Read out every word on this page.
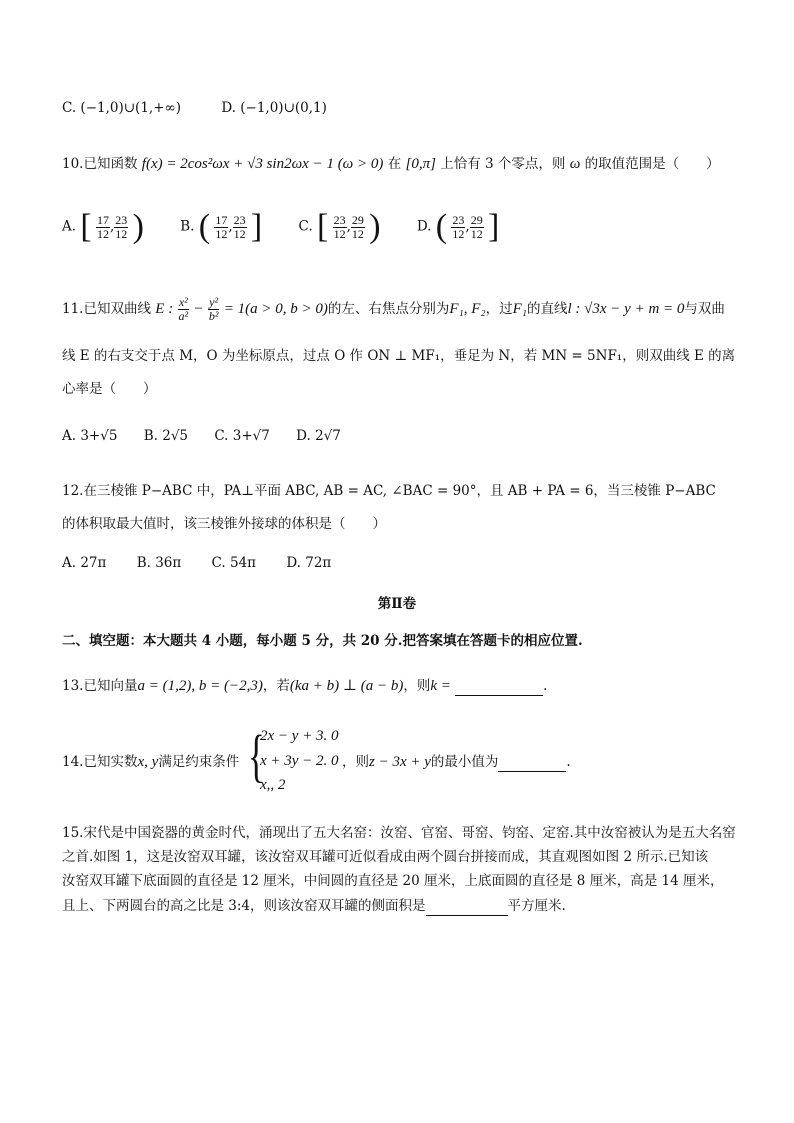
C. (−1,0)∪(1,+∞)	D. (−1,0)∪(0,1)
10.已知函数 f(x) = 2cos²ωx + √3 sin2ωx − 1 (ω > 0) 在 [0,π] 上恰有 3 个零点，则 ω 的取值范围是（　　）
A. [ $\frac{17}{12}$ , $\frac{23}{12}$ )	B. ( $\frac{17}{12}$ , $\frac{23}{12}$ ]	C. [ $\frac{23}{12}$ , $\frac{29}{12}$ )	D. ( $\frac{23}{12}$ , $\frac{29}{12}$ ]
11.已知双曲线 E : $\frac{\text{x²}}{\text{a²}} - \frac{\text{y²}}{\text{b²}} = 1(a > 0$, b > 0)的左、右焦点分别为F₁, F₂，过F₁的直线l : √3x − y + m = 0与双曲
线 E 的右支交于点 M，O 为坐标原点，过点 O 作 ON ⊥ MF₁，垂足为 N，若 MN = 5NF₁，则双曲线 E 的离
心率是（　　）
A. 3+√5 B. 2√5 C. 3+√7 D. 2√7
12.在三棱锥 P−ABC 中，PA⊥平面 ABC, AB = AC, ∠BAC = 90°，且 AB + PA = 6，当三棱锥 P−ABC
的体积取最大值时，该三棱锥外接球的体积是（　　）
A. 27π B. 36π C. 54π D. 72π
第Ⅱ卷
二、填空题：本大题共 4 小题，每小题 5 分，共 20 分.把答案填在答题卡的相应位置.
13.已知向量a = (1,2), b = (−2,3)，若(ka + b) ⊥ (a − b)，则k =	.
14.已知实数x, y满足约束条件 {
2x − y + 3. 0
x + 3y − 2. 0
x,, 2
，则z − 3x + y的最小值为	.
15.宋代是中国瓷器的黄金时代，涌现出了五大名窑：汝窑、官窑、哥窑、钧窑、定窑.其中汝窑被认为是五大名窑
之首.如图 1，这是汝窑双耳罐，该汝窑双耳罐可近似看成由两个圆台拼接而成，其直观图如图 2 所示.已知该
汝窑双耳罐下底面圆的直径是 12 厘米，中间圆的直径是 20 厘米，上底面圆的直径是 8 厘米，高是 14 厘米，
且上、下两圆台的高之比是 3:4，则该汝窑双耳罐的侧面积是	平方厘米.
